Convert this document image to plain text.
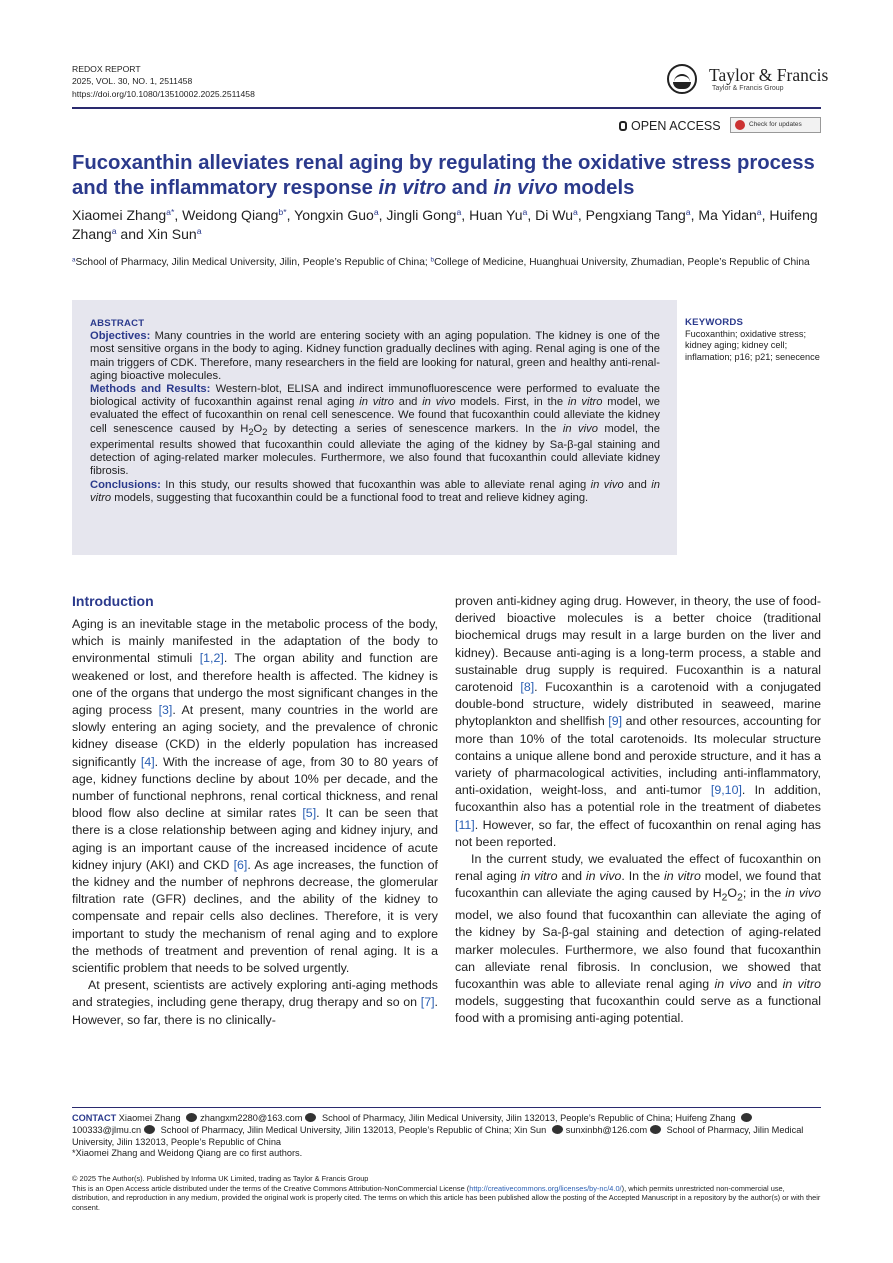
REDOX REPORT
2025, VOL. 30, NO. 1, 2511458
https://doi.org/10.1080/13510002.2025.2511458
Taylor & Francis
Taylor & Francis Group
OPEN ACCESS	Check for updates
Fucoxanthin alleviates renal aging by regulating the oxidative stress process and the inflammatory response in vitro and in vivo models
Xiaomei Zhang$^{a*}$, Weidong Qiang$^{b*}$, Yongxin Guo$^a$, Jingli Gong$^a$, Huan Yu$^a$, Di Wu$^a$, Pengxiang Tang$^a$, Ma Yidan$^a$, Huifeng Zhang$^a$ and Xin Sun$^a$
$^a$School of Pharmacy, Jilin Medical University, Jilin, People’s Republic of China; $^b$College of Medicine, Huanghuai University, Zhumadian, People’s Republic of China
ABSTRACT
Objectives: Many countries in the world are entering society with an aging population. The kidney is one of the most sensitive organs in the body to aging. Kidney function gradually declines with aging. Renal aging is one of the main triggers of CDK. Therefore, many researchers in the field are looking for natural, green and healthy anti-renal-aging bioactive molecules.
Methods and Results: Western-blot, ELISA and indirect immunofluorescence were performed to evaluate the biological activity of fucoxanthin against renal aging in vitro and in vivo models. First, in the in vitro model, we evaluated the effect of fucoxanthin on renal cell senescence. We found that fucoxanthin could alleviate the kidney cell senescence caused by $H_2O_2$ by detecting a series of senescence markers. In the in vivo model, the experimental results showed that fucoxanthin could alleviate the aging of the kidney by Sa-β-gal staining and detection of aging-related marker molecules. Furthermore, we also found that fucoxanthin could alleviate kidney fibrosis.
Conclusions: In this study, our results showed that fucoxanthin was able to alleviate renal aging in vivo and in vitro models, suggesting that fucoxanthin could be a functional food to treat and relieve kidney aging.
KEYWORDS
Fucoxanthin; oxidative stress; kidney aging; kidney cell; inflamation; p16; p21; senecence
Introduction

Aging is an inevitable stage in the metabolic process of the body, which is mainly manifested in the adaptation of the body to environmental stimuli [1,2]. The organ ability and function are weakened or lost, and therefore health is affected. The kidney is one of the organs that undergo the most significant changes in the aging process [3]. At present, many countries in the world are slowly entering an aging society, and the prevalence of chronic kidney disease (CKD) in the elderly population has increased significantly [4]. With the increase of age, from 30 to 80 years of age, kidney functions decline by about 10% per decade, and the number of functional nephrons, renal cortical thickness, and renal blood flow also decline at similar rates [5]. It can be seen that there is a close relationship between aging and kidney injury, and aging is an important cause of the increased incidence of acute kidney injury (AKI) and CKD [6]. As age increases, the function of the kidney and the number of nephrons decrease, the glomerular filtration rate (GFR) declines, and the ability of the kidney to compensate and repair cells also declines. Therefore, it is very important to study the mechanism of renal aging and to explore the methods of treatment and prevention of renal aging. It is a scientific problem that needs to be solved urgently.

At present, scientists are actively exploring anti-aging methods and strategies, including gene therapy, drug therapy and so on [7]. However, so far, there is no clinically-

proven anti-kidney aging drug. However, in theory, the use of food-derived bioactive molecules is a better choice (traditional biochemical drugs may result in a large burden on the liver and kidney). Because anti-aging is a long-term process, a stable and sustainable drug supply is required. Fucoxanthin is a natural carotenoid [8]. Fucoxanthin is a carotenoid with a conjugated double-bond structure, widely distributed in seaweed, marine phytoplankton and shellfish [9] and other resources, accounting for more than 10% of the total carotenoids. Its molecular structure contains a unique allene bond and peroxide structure, and it has a variety of pharmacological activities, including anti-inflammatory, anti-oxidation, weight-loss, and anti-tumor [9,10]. In addition, fucoxanthin also has a potential role in the treatment of diabetes [11]. However, so far, the effect of fucoxanthin on renal aging has not been reported.

In the current study, we evaluated the effect of fucoxanthin on renal aging in vitro and in vivo. In the in vitro model, we found that fucoxanthin can alleviate the aging caused by $H_2O_2$; in the in vivo model, we also found that fucoxanthin can alleviate the aging of the kidney by Sa-β-gal staining and detection of aging-related marker molecules. Furthermore, we also found that fucoxanthin can alleviate renal fibrosis. In conclusion, we showed that fucoxanthin was able to alleviate renal aging in vivo and in vitro models, suggesting that fucoxanthin could serve as a functional food with a promising anti-aging potential.

CONTACT Xiaomei Zhang zhangxm2280@163.com School of Pharmacy, Jilin Medical University, Jilin 132013, People’s Republic of China; Huifeng Zhang 100333@jlmu.cn School of Pharmacy, Jilin Medical University, Jilin 132013, People’s Republic of China; Xin Sun sunxinbh@126.com School of Pharmacy, Jilin Medical University, Jilin 132013, People’s Republic of China
*Xiaomei Zhang and Weidong Qiang are co first authors.
© 2025 The Author(s). Published by Informa UK Limited, trading as Taylor & Francis Group
This is an Open Access article distributed under the terms of the Creative Commons Attribution-NonCommercial License (http://creativecommons.org/licenses/by-nc/4.0/), which permits unrestricted non-commercial use, distribution, and reproduction in any medium, provided the original work is properly cited. The terms on which this article has been published allow the posting of the Accepted Manuscript in a repository by the author(s) or with their consent.
